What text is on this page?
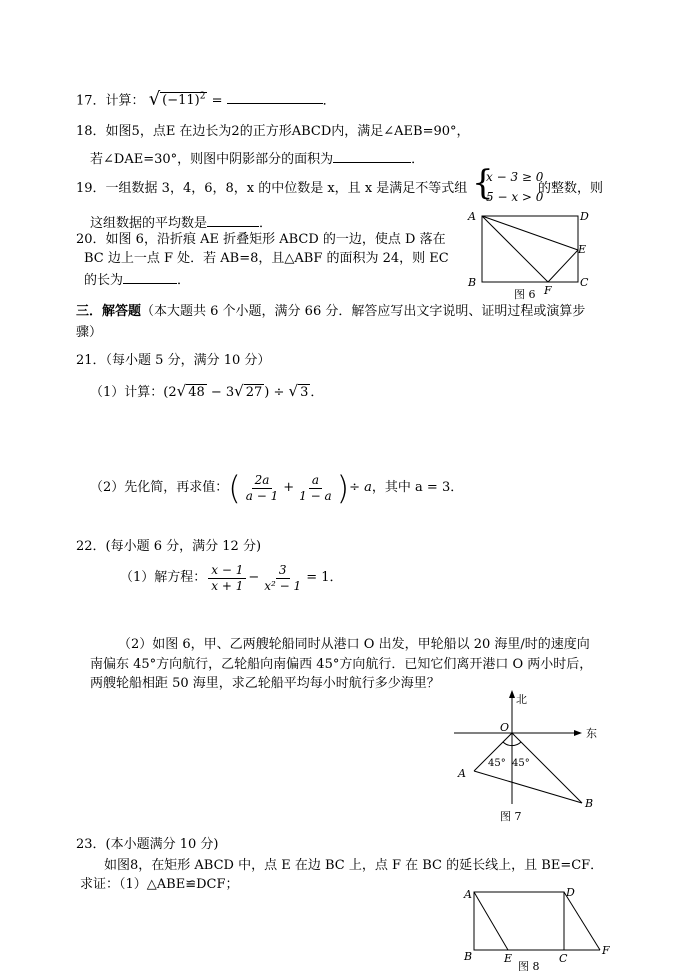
17．计算： √ $(-11)^2$ =	．
18．如图5，点E 在边长为2的正方形ABCD内，满足∠AEB=90°，
若∠DAE=30°，则图中阴影部分的面积为	．
19．一组数据 3，4，6，8，x 的中位数是 x，且 x 是满足不等式组 {
x − 3 ≥ 0
5 − x > 0
的整数，则
这组数据的平均数是	．
20．如图 6，沿折痕 AE 折叠矩形 ABCD 的一边，使点 D 落在
BC 边上一点 F 处．若 AB=8，且△ABF 的面积为 24，则 EC
的长为	．
A	D
E
B	C
F
图 6
三．解答题（本大题共 6 个小题，满分 66 分．解答应写出文字说明、证明过程或演算步
骤）
21．（每小题 5 分，满分 10 分）
（1）计算：(2√ 48 − 3√ 27 ) ÷ √ 3 ．
（2）先化简，再求值：( $\frac{2a}{a - 1} + \frac{a}{1 - a}$ )÷ a，其中 a = 3．
22．(每小题 6 分，满分 12 分)
（1）解方程： $\frac{x - 1}{x + 1} - \frac{3}{\text{x² − 1}} = 1$．
（2）如图 6，甲、乙两艘轮船同时从港口 O 出发，甲轮船以 20 海里/时的速度向
南偏东 45°方向航行，乙轮船向南偏西 45°方向航行．已知它们离开港口 O 两小时后，
两艘轮船相距 50 海里，求乙轮船平均每小时航行多少海里？
北
东
O
A
B
45° 45°
图 7
23．(本小题满分 10 分)
如图8，在矩形 ABCD 中，点 E 在边 BC 上，点 F 在 BC 的延长线上，且 BE=CF．
求证：（1）△ABE≌DCF；
A	D
B	E	C
F
图 8
